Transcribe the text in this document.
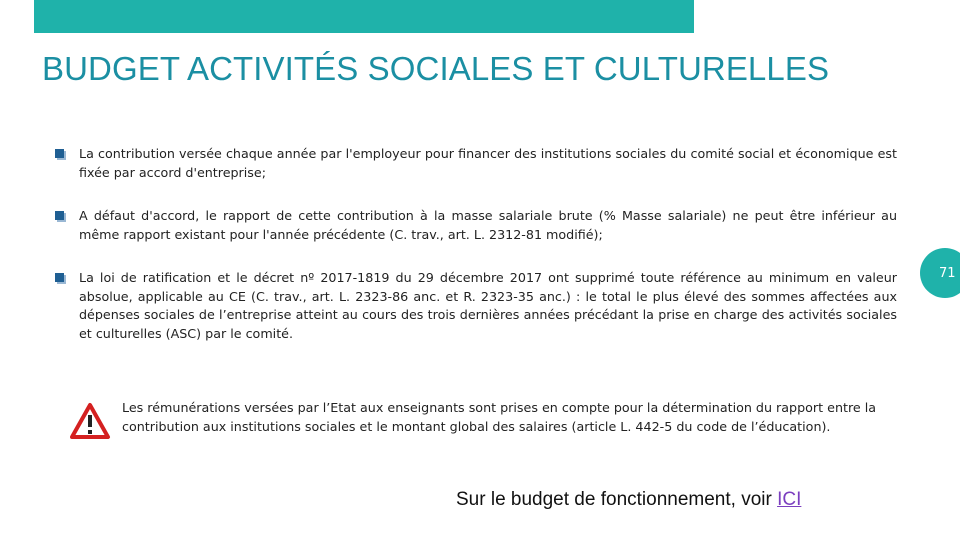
BUDGET ACTIVITÉS SOCIALES ET CULTURELLES
La contribution versée chaque année par l'employeur pour financer des institutions sociales du comité social et économique est fixée par accord d'entreprise;
A défaut d'accord, le rapport de cette contribution à la masse salariale brute (% Masse salariale) ne peut être inférieur au même rapport existant pour l'année précédente (C. trav., art. L. 2312-81 modifié);
La loi de ratification et le décret nº 2017-1819 du 29 décembre 2017 ont supprimé toute référence au minimum en valeur absolue, applicable au CE (C. trav., art. L. 2323-86 anc. et R. 2323-35 anc.) : le total le plus élevé des sommes affectées aux dépenses sociales de l’entreprise atteint au cours des trois dernières années précédant la prise en charge des activités sociales et culturelles (ASC) par le comité.
71
Les rémunérations versées par l’Etat aux enseignants sont prises en compte pour la détermination du rapport entre la contribution aux institutions sociales et le montant global des salaires (article L. 442-5 du code de l’éducation).
Sur le budget de fonctionnement, voir ICI
